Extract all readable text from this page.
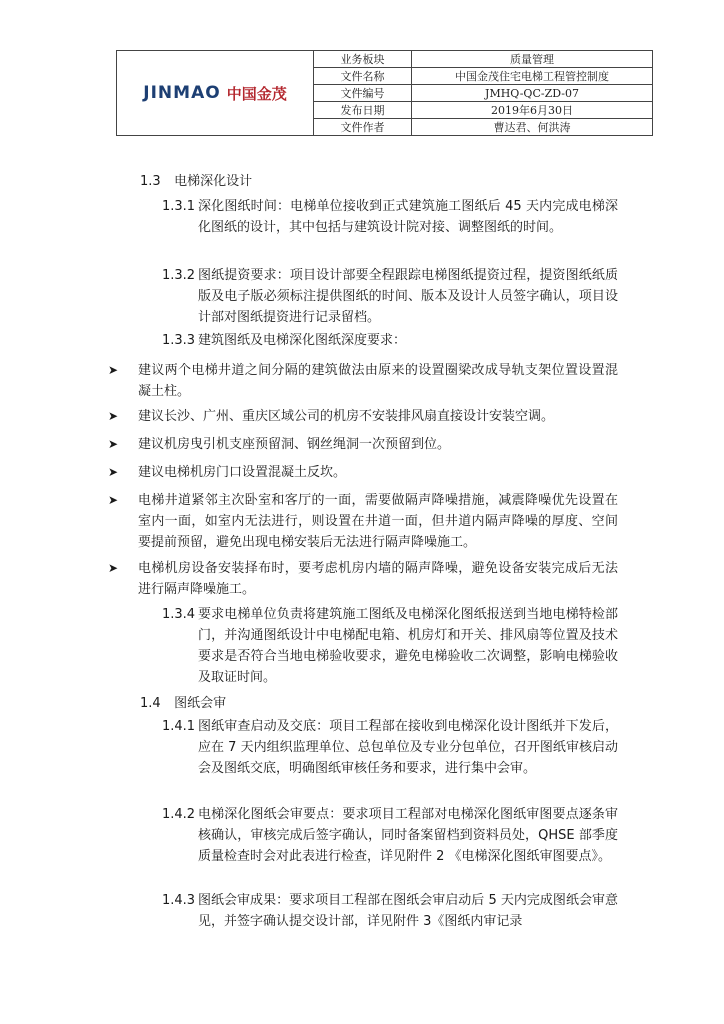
JINMAO 中国金茂	业务板块	质量管理
	文件名称	中国金茂住宅电梯工程管控制度
	文件编号	JMHQ-QC-ZD-07
	发布日期	2019年6月30日
	文件作者	曹达君、何洪涛
1.3 电梯深化设计
1.3.1 深化图纸时间：电梯单位接收到正式建筑施工图纸后 45 天内完成电梯深化图纸的设计，其中包括与建筑设计院对接、调整图纸的时间。
1.3.2 图纸提资要求：项目设计部要全程跟踪电梯图纸提资过程，提资图纸纸质版及电子版必须标注提供图纸的时间、版本及设计人员签字确认，项目设计部对图纸提资进行记录留档。
1.3.3 建筑图纸及电梯深化图纸深度要求：
➤ 建议两个电梯井道之间分隔的建筑做法由原来的设置圈梁改成导轨支架位置设置混凝土柱。
➤ 建议长沙、广州、重庆区域公司的机房不安装排风扇直接设计安装空调。
➤ 建议机房曳引机支座预留洞、钢丝绳洞一次预留到位。
➤ 建议电梯机房门口设置混凝土反坎。
➤ 电梯井道紧邻主次卧室和客厅的一面，需要做隔声降噪措施，减震降噪优先设置在室内一面，如室内无法进行，则设置在井道一面，但井道内隔声降噪的厚度、空间要提前预留，避免出现电梯安装后无法进行隔声降噪施工。
➤ 电梯机房设备安装择布时，要考虑机房内墙的隔声降噪，避免设备安装完成后无法进行隔声降噪施工。
1.3.4 要求电梯单位负责将建筑施工图纸及电梯深化图纸报送到当地电梯特检部门，并沟通图纸设计中电梯配电箱、机房灯和开关、排风扇等位置及技术要求是否符合当地电梯验收要求，避免电梯验收二次调整，影响电梯验收及取证时间。
1.4 图纸会审
1.4.1 图纸审查启动及交底：项目工程部在接收到电梯深化设计图纸并下发后，应在 7 天内组织监理单位、总包单位及专业分包单位，召开图纸审核启动会及图纸交底，明确图纸审核任务和要求，进行集中会审。
1.4.2 电梯深化图纸会审要点：要求项目工程部对电梯深化图纸审图要点逐条审核确认，审核完成后签字确认，同时备案留档到资料员处，QHSE 部季度质量检查时会对此表进行检查，详见附件 2 《电梯深化图纸审图要点》。
1.4.3 图纸会审成果：要求项目工程部在图纸会审启动后 5 天内完成图纸会审意见，并签字确认提交设计部，详见附件 3《图纸内审记录
